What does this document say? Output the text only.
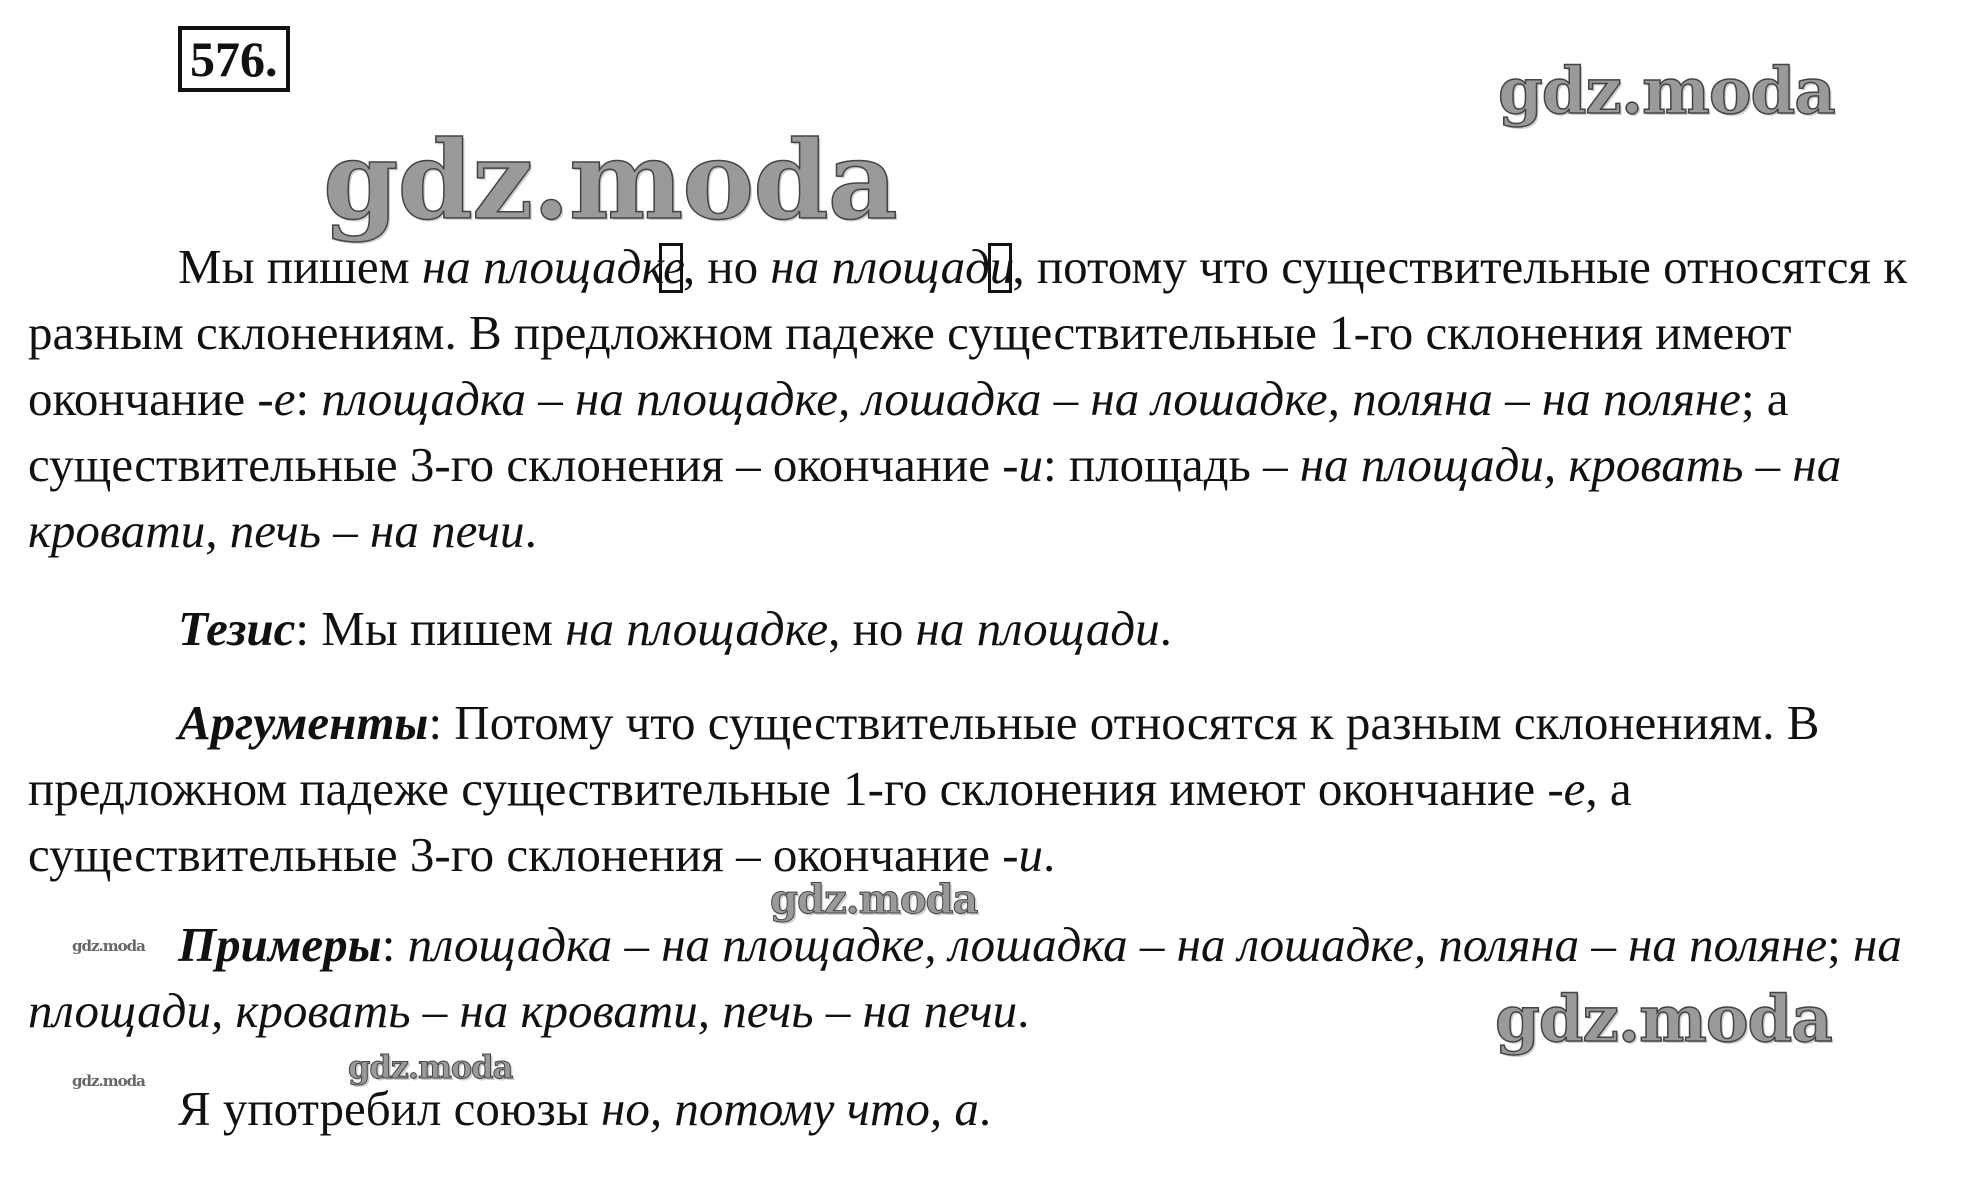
576.
gdz.moda
gdz.moda

Мы пишем на площадке, но на площади, потому что существительные относятся к разным склонениям. В предложном падеже существительные 1-го склонения имеют окончание -е: площадка – на площадке, лошадка – на лошадке, поляна – на поляне; а существительные 3-го склонения – окончание -и: площадь – на площади, кровать – на кровати, печь – на печи.

Тезис: Мы пишем на площадке, но на площади.

Аргументы: Потому что существительные относятся к разным склонениям. В предложном падеже существительные 1-го склонения имеют окончание -е, а существительные 3-го склонения – окончание -и.

gdz.moda
gdz.moda Примеры: площадка – на площадке, лошадка – на лошадке, поляна – на поляне; на площади, кровать – на кровати, печь – на печи.	gdz.moda
gdz.moda
gdz.moda Я употребил союзы но, потому что, а.
